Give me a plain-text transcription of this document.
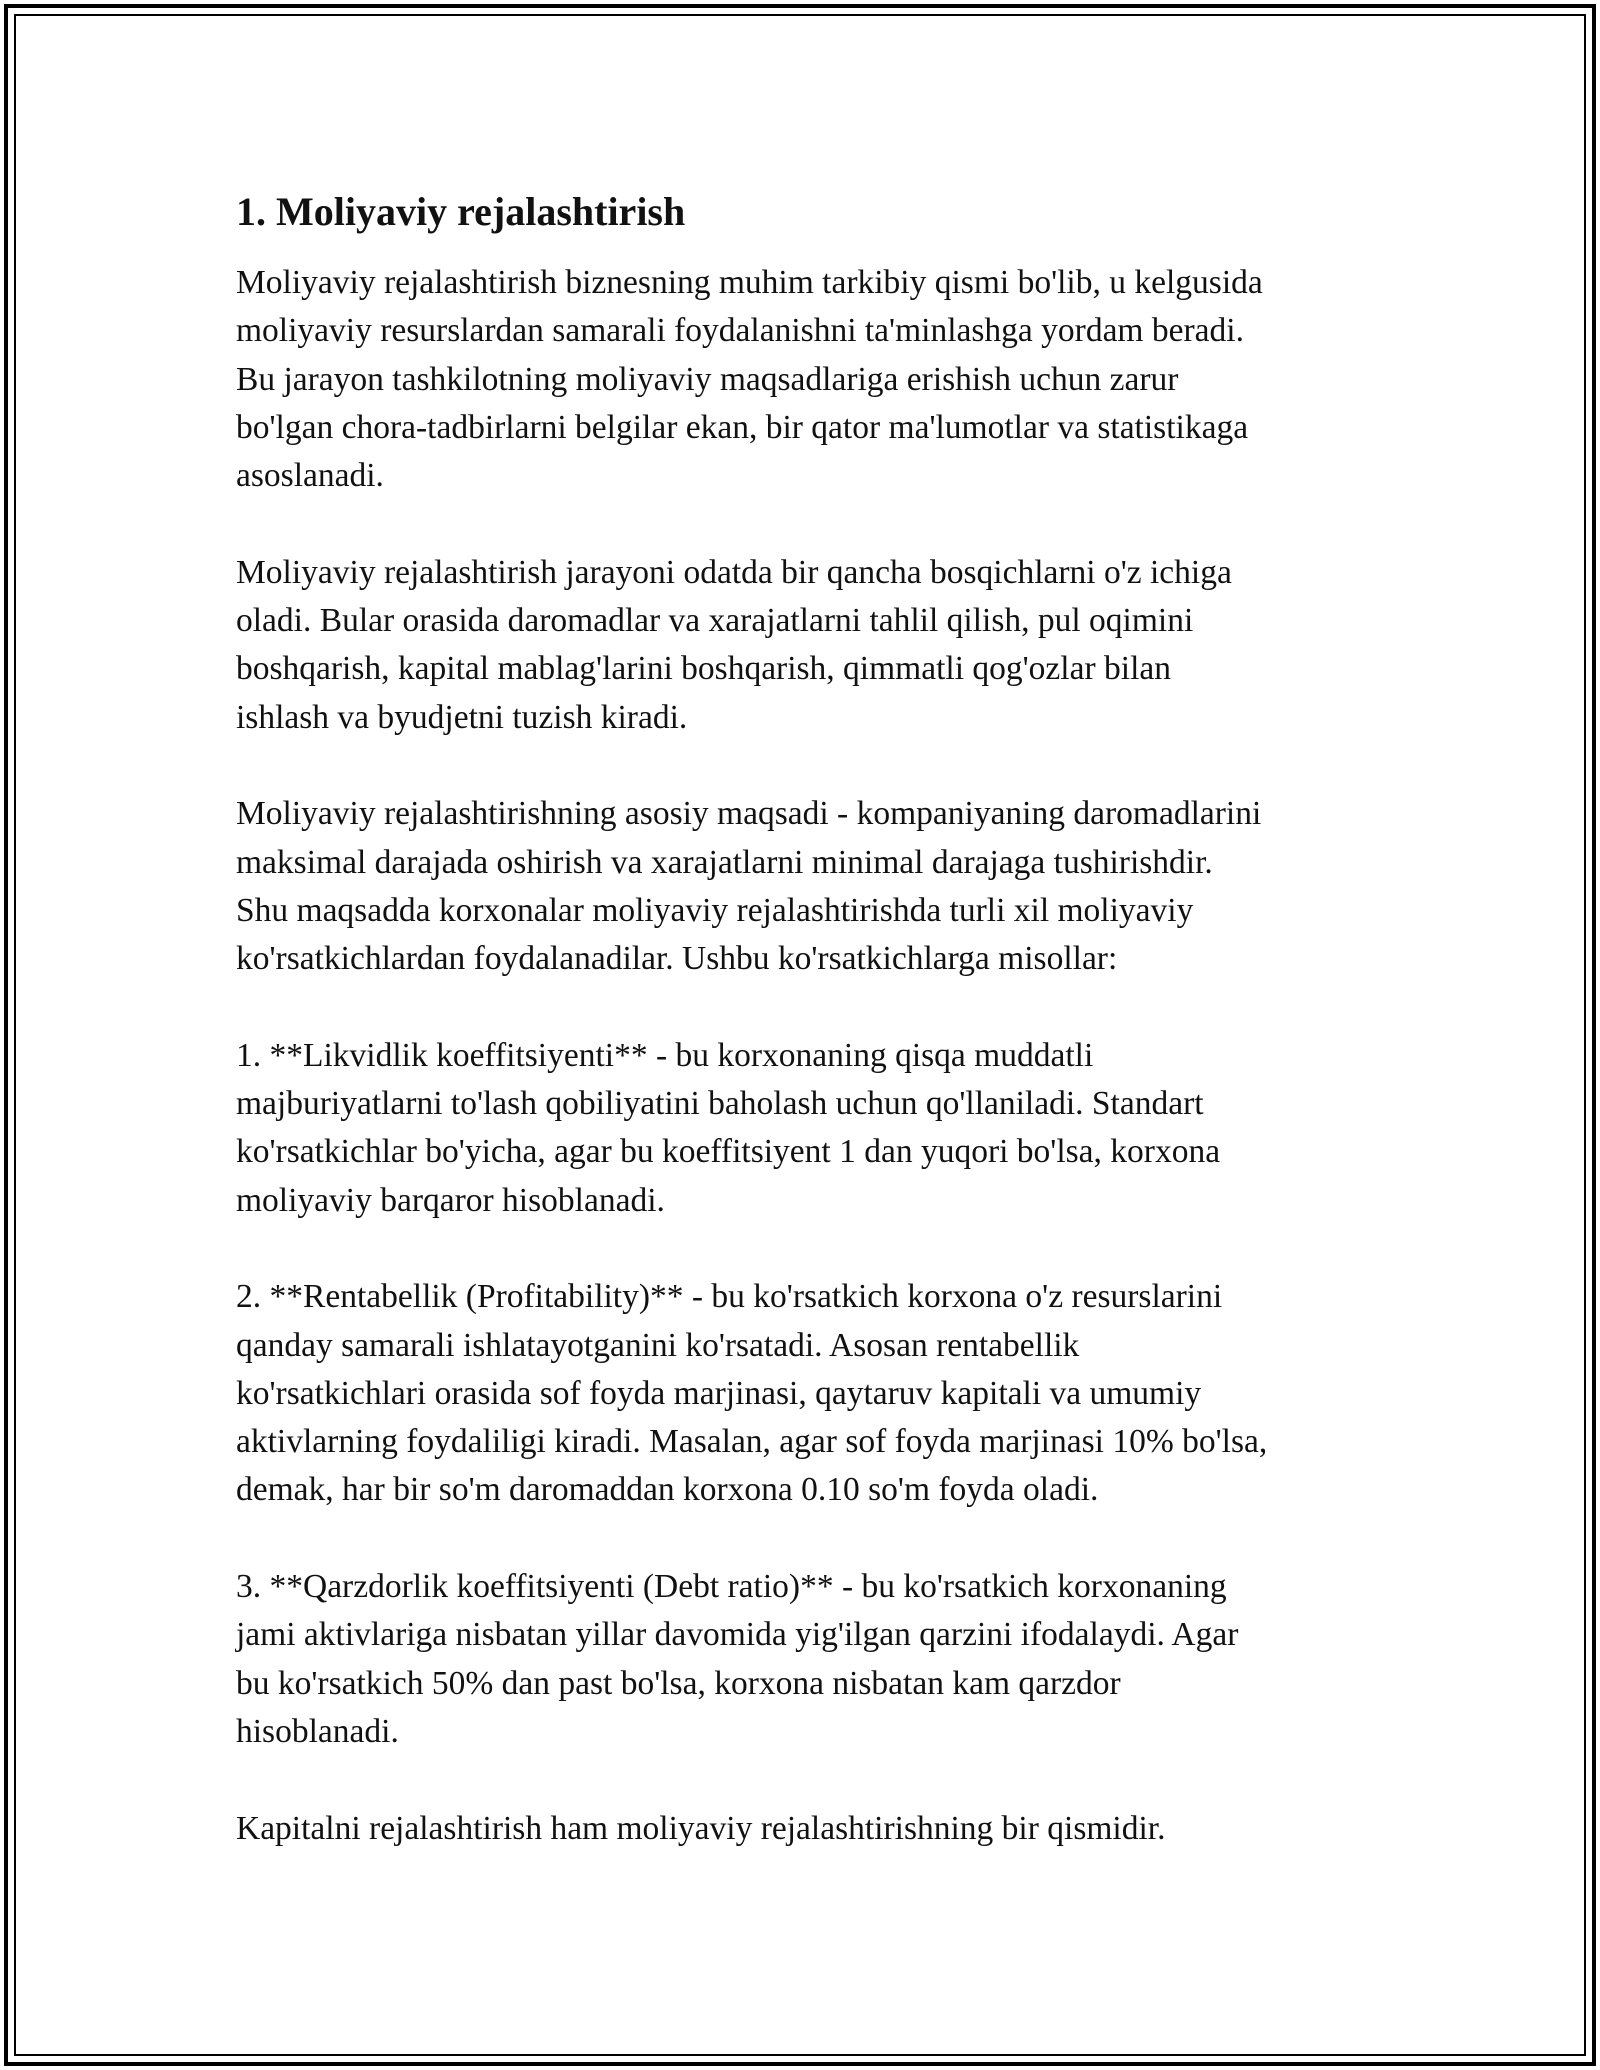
1. Moliyaviy rejalashtirish
Moliyaviy rejalashtirish biznesning muhim tarkibiy qismi bo'lib, u kelgusida
moliyaviy resurslardan samarali foydalanishni ta'minlashga yordam beradi.
Bu jarayon tashkilotning moliyaviy maqsadlariga erishish uchun zarur
bo'lgan chora-tadbirlarni belgilar ekan, bir qator ma'lumotlar va statistikaga
asoslanadi.
Moliyaviy rejalashtirish jarayoni odatda bir qancha bosqichlarni o'z ichiga
oladi. Bular orasida daromadlar va xarajatlarni tahlil qilish, pul oqimini
boshqarish, kapital mablag'larini boshqarish, qimmatli qog'ozlar bilan
ishlash va byudjetni tuzish kiradi.
Moliyaviy rejalashtirishning asosiy maqsadi - kompaniyaning daromadlarini
maksimal darajada oshirish va xarajatlarni minimal darajaga tushirishdir.
Shu maqsadda korxonalar moliyaviy rejalashtirishda turli xil moliyaviy
ko'rsatkichlardan foydalanadilar. Ushbu ko'rsatkichlarga misollar:
1. **Likvidlik koeffitsiyenti** - bu korxonaning qisqa muddatli
majburiyatlarni to'lash qobiliyatini baholash uchun qo'llaniladi. Standart
ko'rsatkichlar bo'yicha, agar bu koeffitsiyent 1 dan yuqori bo'lsa, korxona
moliyaviy barqaror hisoblanadi.
2. **Rentabellik (Profitability)** - bu ko'rsatkich korxona o'z resurslarini
qanday samarali ishlatayotganini ko'rsatadi. Asosan rentabellik
ko'rsatkichlari orasida sof foyda marjinasi, qaytaruv kapitali va umumiy
aktivlarning foydaliligi kiradi. Masalan, agar sof foyda marjinasi 10% bo'lsa,
demak, har bir so'm daromaddan korxona 0.10 so'm foyda oladi.
3. **Qarzdorlik koeffitsiyenti (Debt ratio)** - bu ko'rsatkich korxonaning
jami aktivlariga nisbatan yillar davomida yig'ilgan qarzini ifodalaydi. Agar
bu ko'rsatkich 50% dan past bo'lsa, korxona nisbatan kam qarzdor
hisoblanadi.
Kapitalni rejalashtirish ham moliyaviy rejalashtirishning bir qismidir.
